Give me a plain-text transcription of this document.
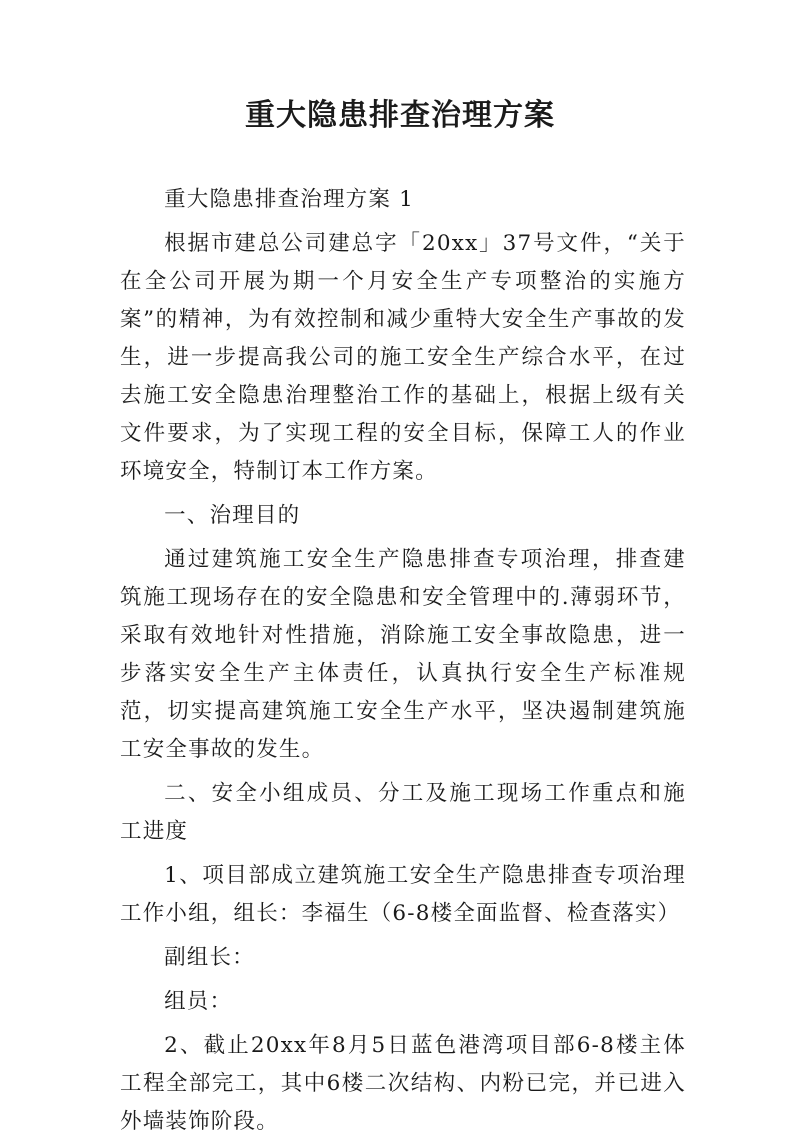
重大隐患排查治理方案

重大隐患排查治理方案 1

根据市建总公司建总字「20xx」37号文件，“关于在全公司开展为期一个月安全生产专项整治的实施方案”的精神，为有效控制和减少重特大安全生产事故的发生，进一步提高我公司的施工安全生产综合水平，在过去施工安全隐患治理整治工作的基础上，根据上级有关文件要求，为了实现工程的安全目标，保障工人的作业环境安全，特制订本工作方案。

一、治理目的

通过建筑施工安全生产隐患排查专项治理，排查建筑施工现场存在的安全隐患和安全管理中的.薄弱环节，采取有效地针对性措施，消除施工安全事故隐患，进一步落实安全生产主体责任，认真执行安全生产标准规范，切实提高建筑施工安全生产水平，坚决遏制建筑施工安全事故的发生。

二、安全小组成员、分工及施工现场工作重点和施工进度

1、项目部成立建筑施工安全生产隐患排查专项治理工作小组，组长：李福生（6-8楼全面监督、检查落实）

副组长：

组员：

2、截止20xx年8月5日蓝色港湾项目部6-8楼主体工程全部完工，其中6楼二次结构、内粉已完，并已进入外墙装饰阶段。
